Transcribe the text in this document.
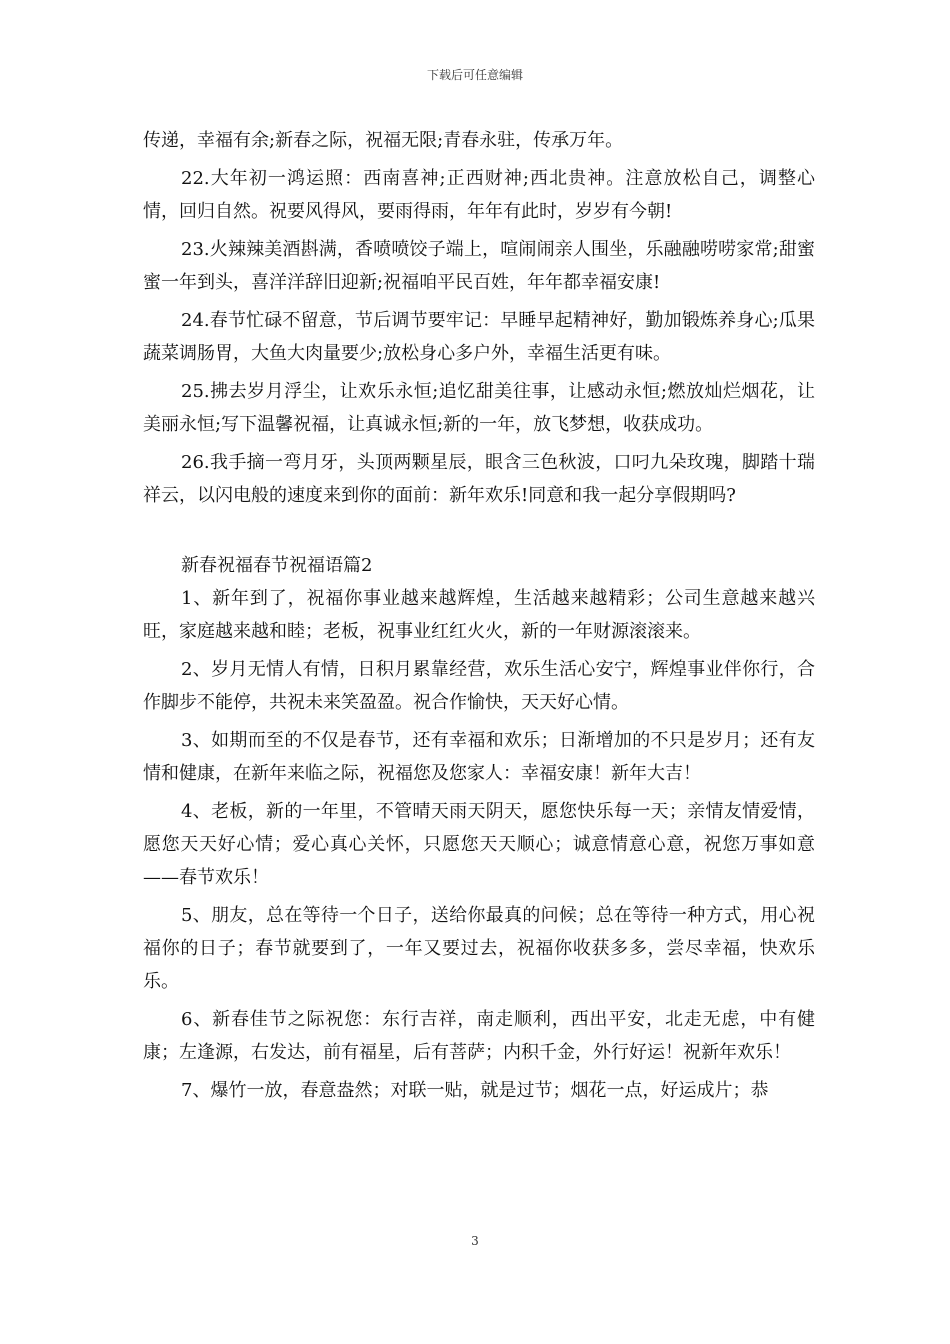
下载后可任意编辑

传递，幸福有余;新春之际，祝福无限;青春永驻，传承万年。

22.大年初一鸿运照：西南喜神;正西财神;西北贵神。注意放松自己，调整心情，回归自然。祝要风得风，要雨得雨，年年有此时，岁岁有今朝!

23.火辣辣美酒斟满，香喷喷饺子端上，喧闹闹亲人围坐，乐融融唠唠家常;甜蜜蜜一年到头，喜洋洋辞旧迎新;祝福咱平民百姓，年年都幸福安康!

24.春节忙碌不留意，节后调节要牢记：早睡早起精神好，勤加锻炼养身心;瓜果蔬菜调肠胃，大鱼大肉量要少;放松身心多户外，幸福生活更有味。

25.拂去岁月浮尘，让欢乐永恒;追忆甜美往事，让感动永恒;燃放灿烂烟花，让美丽永恒;写下温馨祝福，让真诚永恒;新的一年，放飞梦想，收获成功。

26.我手摘一弯月牙，头顶两颗星辰，眼含三色秋波，口叼九朵玫瑰，脚踏十瑞祥云，以闪电般的速度来到你的面前：新年欢乐!同意和我一起分享假期吗?

新春祝福春节祝福语篇2

1、新年到了，祝福你事业越来越辉煌，生活越来越精彩；公司生意越来越兴旺，家庭越来越和睦；老板，祝事业红红火火，新的一年财源滚滚来。

2、岁月无情人有情，日积月累靠经营，欢乐生活心安宁，辉煌事业伴你行，合作脚步不能停，共祝未来笑盈盈。祝合作愉快，天天好心情。

3、如期而至的不仅是春节，还有幸福和欢乐；日渐增加的不只是岁月；还有友情和健康，在新年来临之际，祝福您及您家人：幸福安康！新年大吉！

4、老板，新的一年里，不管晴天雨天阴天，愿您快乐每一天；亲情友情爱情，愿您天天好心情；爱心真心关怀，只愿您天天顺心；诚意情意心意，祝您万事如意——春节欢乐！

5、朋友，总在等待一个日子，送给你最真的问候；总在等待一种方式，用心祝福你的日子；春节就要到了，一年又要过去，祝福你收获多多，尝尽幸福，快欢乐乐。

6、新春佳节之际祝您：东行吉祥，南走顺利，西出平安，北走无虑，中有健康；左逢源，右发达，前有福星，后有菩萨；内积千金，外行好运！祝新年欢乐！

7、爆竹一放，春意盎然；对联一贴，就是过节；烟花一点，好运成片；恭

3
